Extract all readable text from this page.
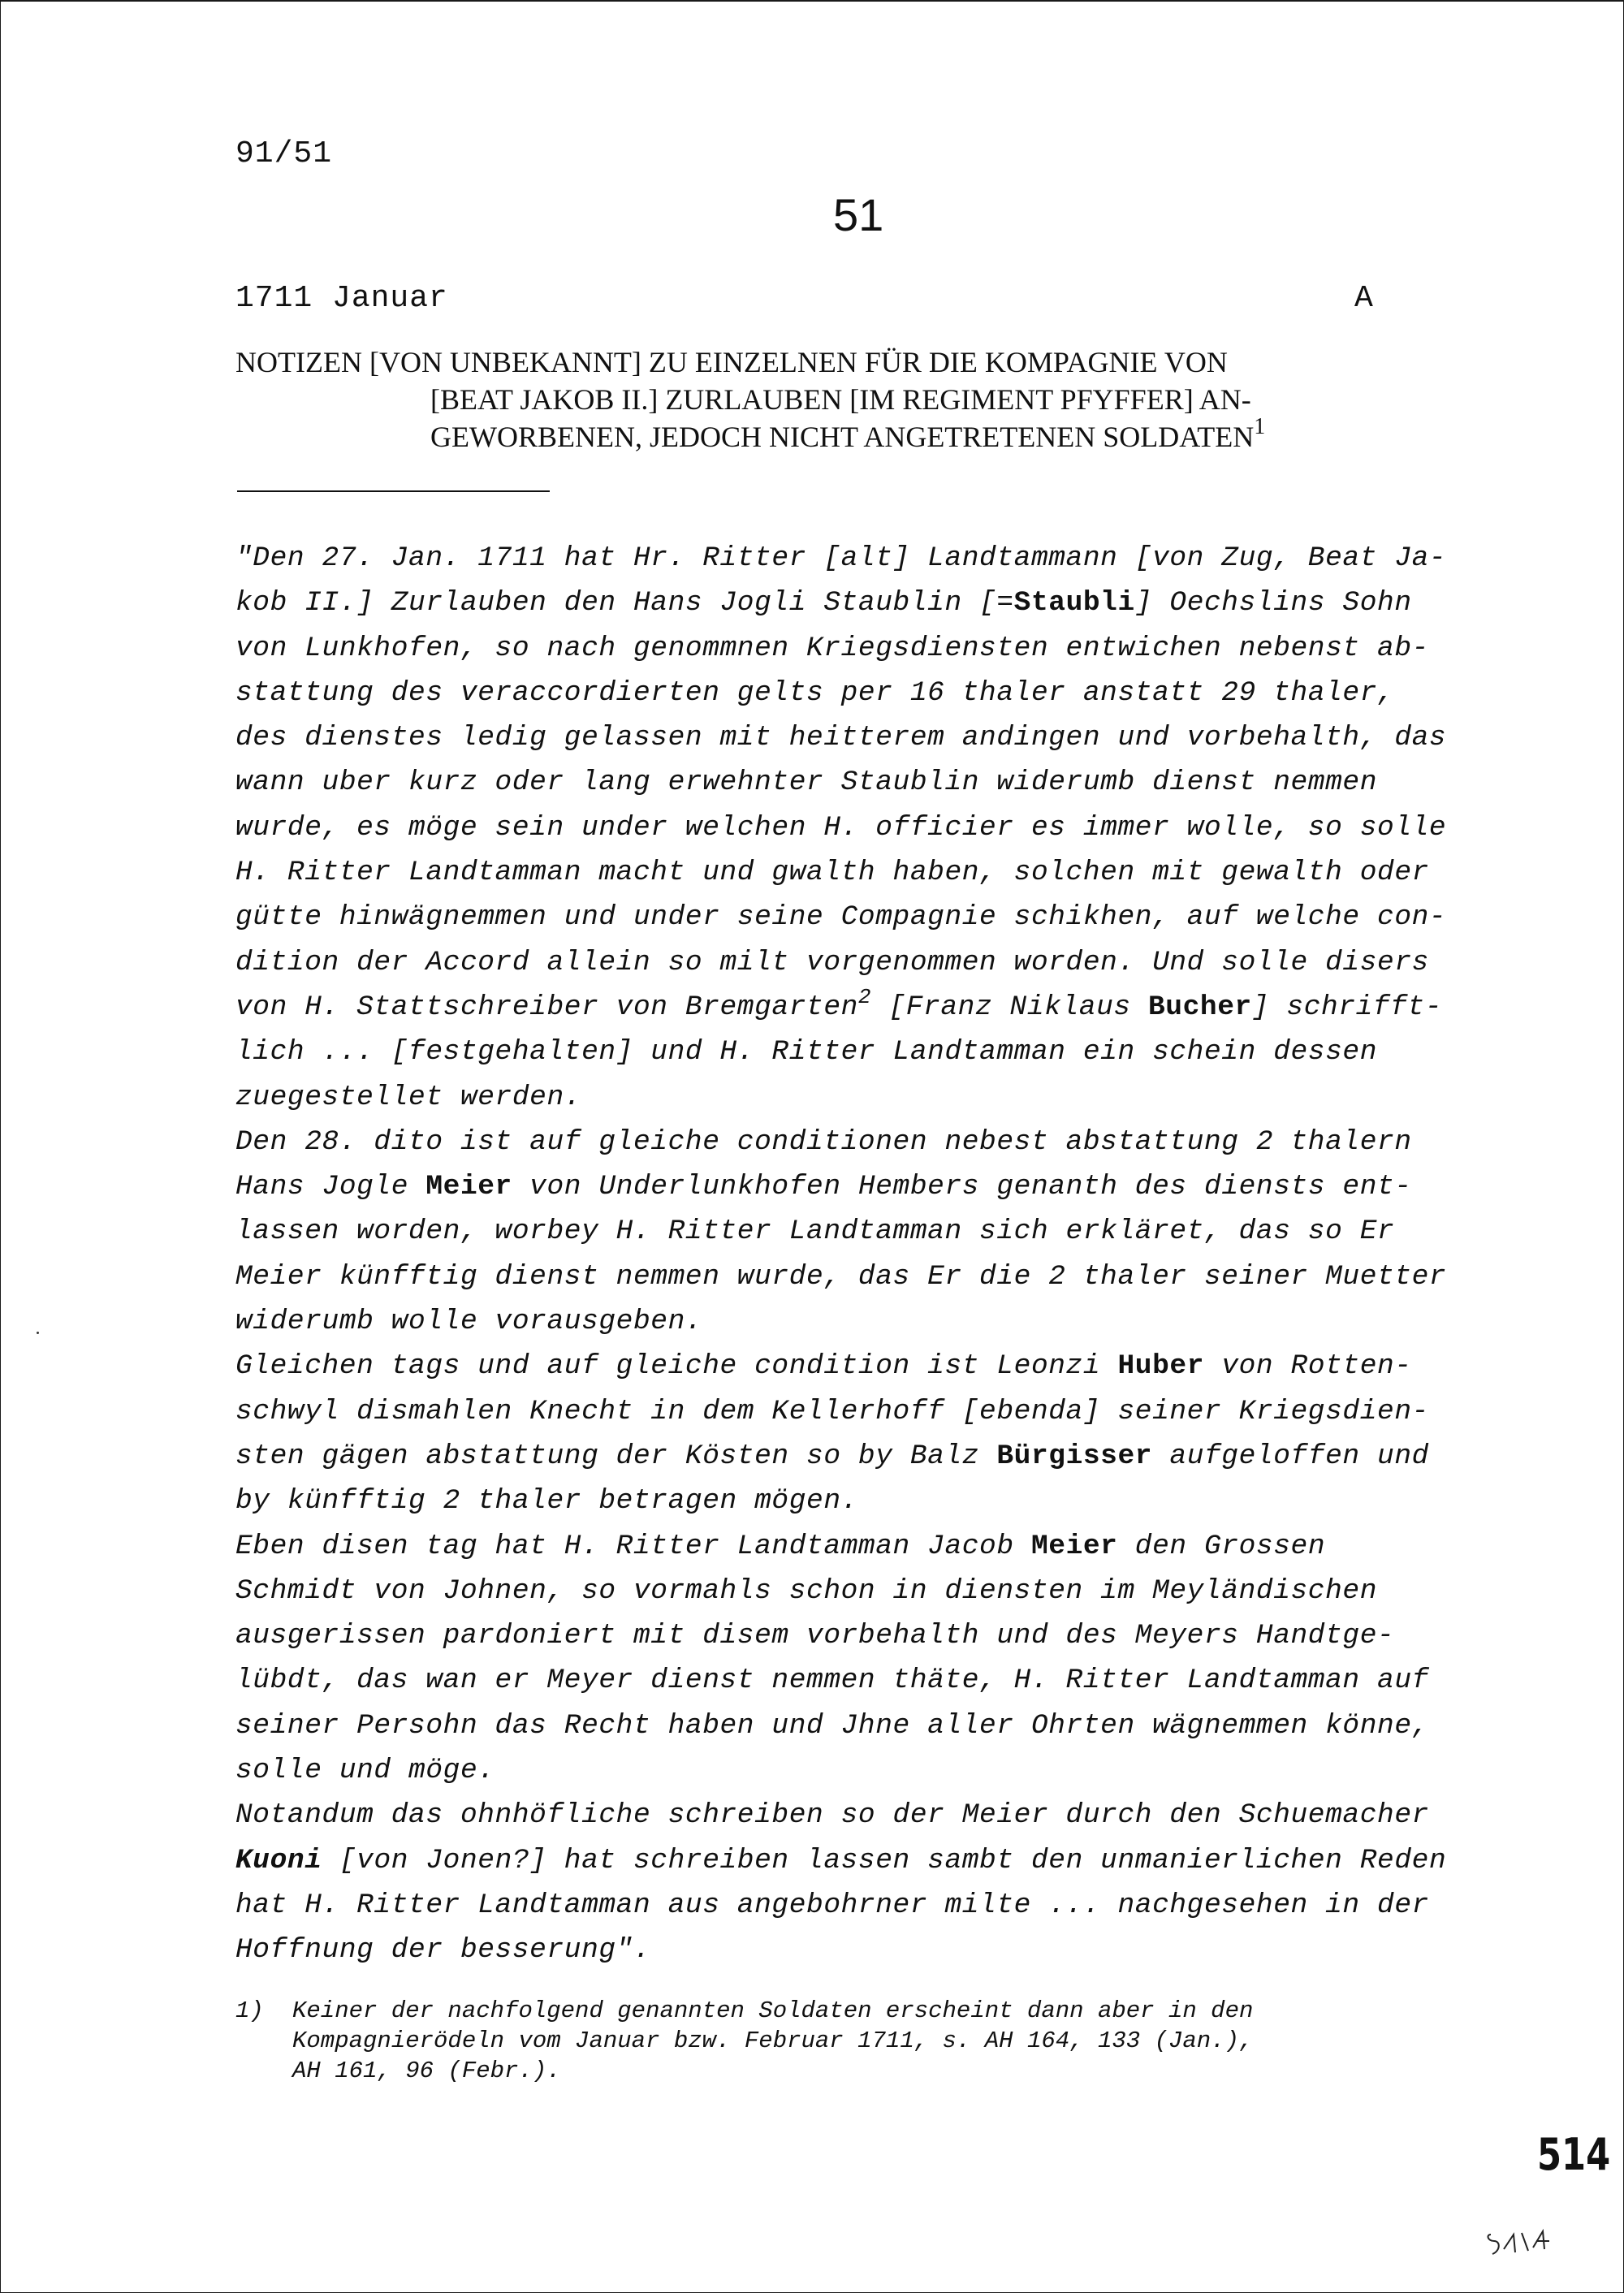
91/51
51
1711 Januar	A
NOTIZEN [VON UNBEKANNT] ZU EINZELNEN FÜR DIE KOMPAGNIE VON
[BEAT JAKOB II.] ZURLAUBEN [IM REGIMENT PFYFFER] AN-
GEWORBENEN, JEDOCH NICHT ANGETRETENEN SOLDATEN$^1$
"Den 27. Jan. 1711 hat Hr. Ritter [alt] Landtammann [von Zug, Beat Ja-
kob II.] Zurlauben den Hans Jogli Staublin [=Staubli] Oechslins Sohn
von Lunkhofen, so nach genommnen Kriegsdiensten entwichen nebenst ab-
stattung des veraccordierten gelts per 16 thaler anstatt 29 thaler,
des dienstes ledig gelassen mit heitterem andingen und vorbehalth, das
wann uber kurz oder lang erwehnter Staublin widerumb dienst nemmen
wurde, es möge sein under welchen H. officier es immer wolle, so solle
H. Ritter Landtamman macht und gwalth haben, solchen mit gewalth oder
gütte hinwägnemmen und under seine Compagnie schikhen, auf welche con-
dition der Accord allein so milt vorgenommen worden. Und solle disers
von H. Stattschreiber von Bremgarten$^2$ [Franz Niklaus Bucher] schrifft-
lich ... [festgehalten] und H. Ritter Landtamman ein schein dessen
zuegestellet werden.
Den 28. dito ist auf gleiche conditionen nebest abstattung 2 thalern
Hans Jogle Meier von Underlunkhofen Hembers genanth des diensts ent-
lassen worden, worbey H. Ritter Landtamman sich erkläret, das so Er
Meier künfftig dienst nemmen wurde, das Er die 2 thaler seiner Muetter
widerumb wolle vorausgeben.
Gleichen tags und auf gleiche condition ist Leonzi Huber von Rotten-
schwyl dismahlen Knecht in dem Kellerhoff [ebenda] seiner Kriegsdien-
sten gägen abstattung der Kösten so by Balz Bürgisser aufgeloffen und
by künfftig 2 thaler betragen mögen.
Eben disen tag hat H. Ritter Landtamman Jacob Meier den Grossen
Schmidt von Johnen, so vormahls schon in diensten im Meyländischen
ausgerissen pardoniert mit disem vorbehalth und des Meyers Handtge-
lübdt, das wan er Meyer dienst nemmen thäte, H. Ritter Landtamman auf
seiner Persohn das Recht haben und Jhne aller Ohrten wägnemmen könne,
solle und möge.
Notandum das ohnhöfliche schreiben so der Meier durch den Schuemacher
Kuoni [von Jonen?] hat schreiben lassen sambt den unmanierlichen Reden
hat H. Ritter Landtamman aus angebohrner milte ... nachgesehen in der
Hoffnung der besserung".
1) Keiner der nachfolgend genannten Soldaten erscheint dann aber in den
Kompagnierödeln vom Januar bzw. Februar 1711, s. AH 164, 133 (Jan.),
AH 161, 96 (Febr.).
514
